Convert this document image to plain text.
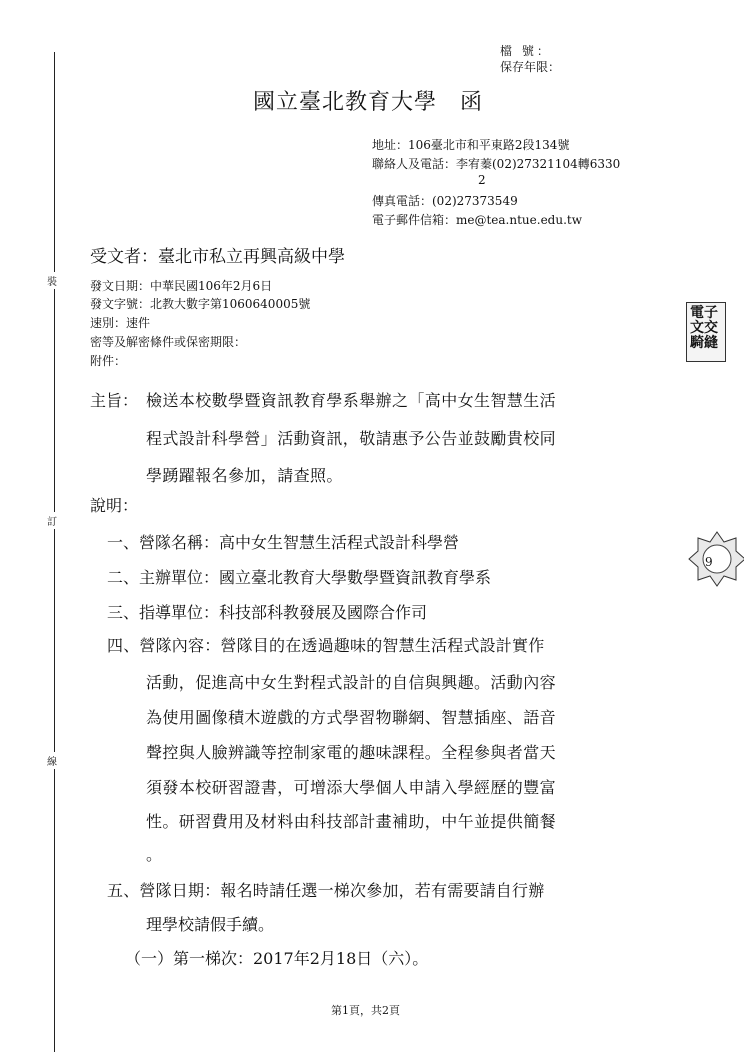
檔 號：
保存年限：
國立臺北教育大學　函
地址：106臺北市和平東路2段134號
聯絡人及電話：李宥蓁(02)27321104轉6330
2
傳真電話：(02)27373549
電子郵件信箱：me@tea.ntue.edu.tw
受文者：臺北市私立再興高級中學
發文日期：中華民國106年2月6日
發文字號：北教大數字第1060640005號
速別：速件
密等及解密條件或保密期限：
附件：
主旨： 檢送本校數學暨資訊教育學系舉辦之「高中女生智慧生活
程式設計科學營」活動資訊，敬請惠予公告並鼓勵貴校同
學踴躍報名參加，請查照。
說明：
一、營隊名稱：高中女生智慧生活程式設計科學營
二、主辦單位：國立臺北教育大學數學暨資訊教育學系
三、指導單位：科技部科教發展及國際合作司
四、營隊內容：營隊目的在透過趣味的智慧生活程式設計實作
活動，促進高中女生對程式設計的自信與興趣。活動內容
為使用圖像積木遊戲的方式學習物聯網、智慧插座、語音
聲控與人臉辨識等控制家電的趣味課程。全程參與者當天
須發本校研習證書，可增添大學個人申請入學經歷的豐富
性。研習費用及材料由科技部計畫補助，中午並提供簡餐
。
五、營隊日期：報名時請任選一梯次參加，若有需要請自行辦
理學校請假手續。
（一）第一梯次：2017年2月18日（六）。
裝
訂
線
電子
文交
騎縫
9
第1頁，共2頁
